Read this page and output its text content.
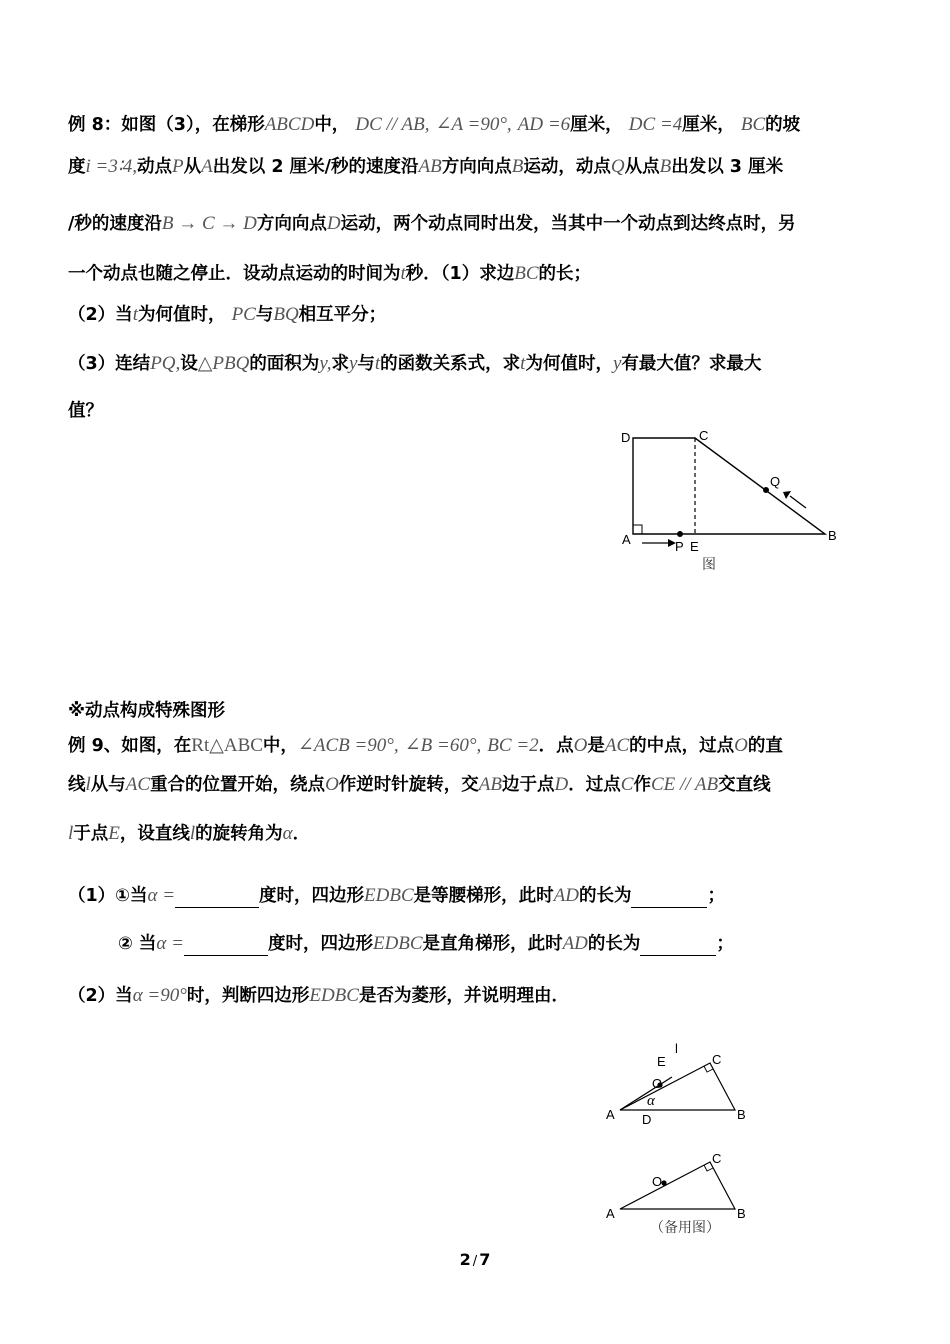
例 8：如图（3），在梯形ABCD中， DC // AB, ∠A =90°, AD =6厘米， DC =4厘米， BC的坡
度i =3∶4,动点P从A出发以 2 厘米/秒的速度沿AB方向向点B运动，动点Q从点B出发以 3 厘米
/秒的速度沿B → C → D方向向点D运动，两个动点同时出发，当其中一个动点到达终点时，另
一个动点也随之停止．设动点运动的时间为t秒．（1）求边BC的长；
（2）当t为何值时， PC与BQ相互平分；
（3）连结PQ,设△PBQ的面积为y,求y与t的函数关系式，求t为何值时，y有最大值？求最大
值？
D	C
Q
A	P E
B
图
※动点构成特殊图形
例 9、如图，在Rt△ABC中，∠ACB =90°, ∠B =60°, BC =2．点O是AC的中点，过点O的直
线l从与AC重合的位置开始，绕点O作逆时针旋转，交AB边于点D．过点C作CE // AB交直线
l于点E，设直线l的旋转角为α．
（1）①当α =	度时，四边形EDBC是等腰梯形，此时AD的长为	；
② 当α =	度时，四边形EDBC是直角梯形，此时AD的长为	；
（2）当α =90°时，判断四边形EDBC是否为菱形，并说明理由．
l
E	C
O
α
A D	B
C
O
A	B
（备用图）
2 / 7
